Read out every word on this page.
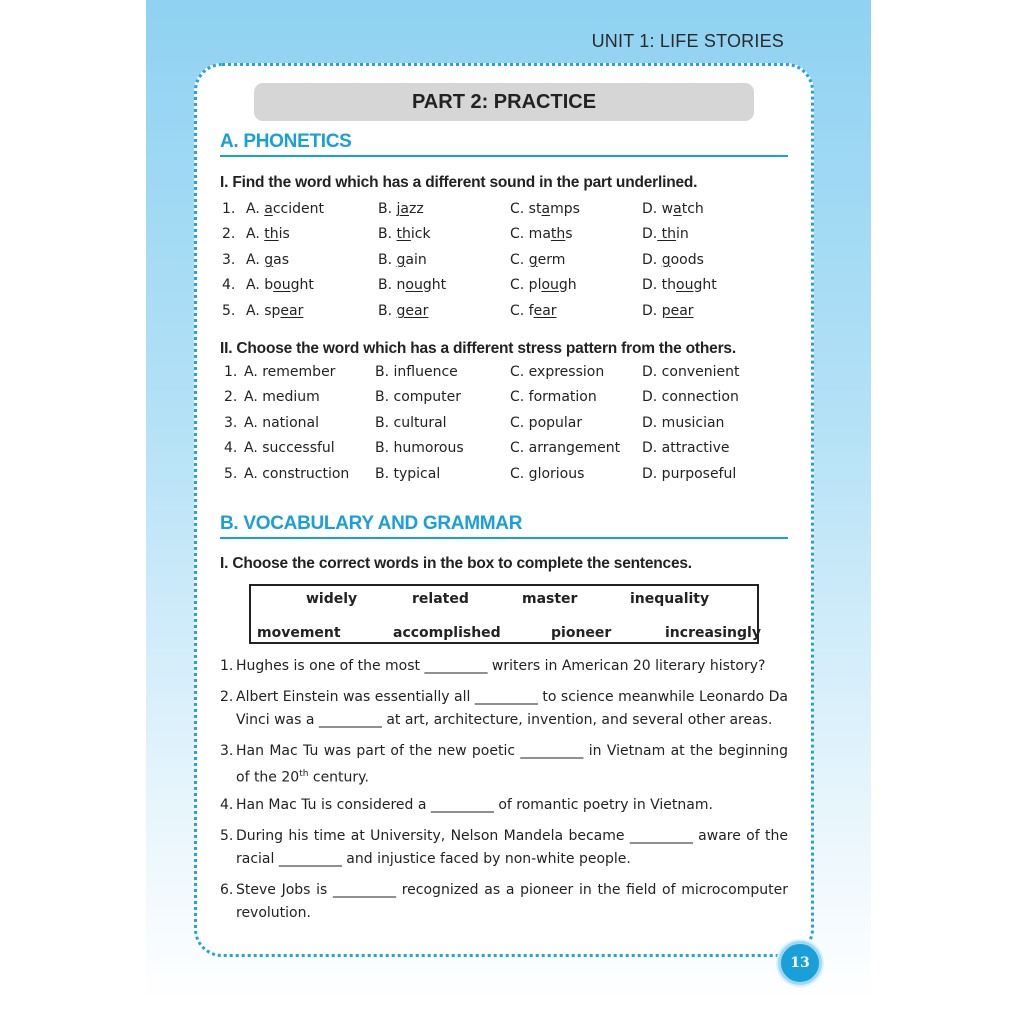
UNIT 1: LIFE STORIES
PART 2: PRACTICE
A. PHONETICS
I. Find the word which has a different sound in the part underlined.
1. A. accident	B. jazz	C. stamps	D. watch
2. A. this	B. thick	C. maths	D. thin
3. A. gas	B. gain	C. germ	D. goods
4. A. bought	B. nought	C. plough	D. thought
5. A. spear	B. gear	C. fear	D. pear
II. Choose the word which has a different stress pattern from the others.
1. A. remember	B. influence	C. expression	D. convenient
2. A. medium	B. computer	C. formation	D. connection
3. A. national	B. cultural	C. popular	D. musician
4. A. successful	B. humorous	C. arrangement D. attractive
5. A. construction B. typical	C. glorious	D. purposeful
B. VOCABULARY AND GRAMMAR
I. Choose the correct words in the box to complete the sentences.
widely	related	master	inequality
movement	accomplished	pioneer	increasingly
1. Hughes is one of the most _________ writers in American 20 literary history?
2. Albert Einstein was essentially all _________ to science meanwhile Leonardo Da Vinci was a _________ at art, architecture, invention, and several other areas.
3. Han Mac Tu was part of the new poetic _________ in Vietnam at the beginning of the 20th century.
4. Han Mac Tu is considered a _________ of romantic poetry in Vietnam.
5. During his time at University, Nelson Mandela became _________ aware of the racial _________ and injustice faced by non-white people.
6. Steve Jobs is _________ recognized as a pioneer in the field of microcomputer revolution.
13
